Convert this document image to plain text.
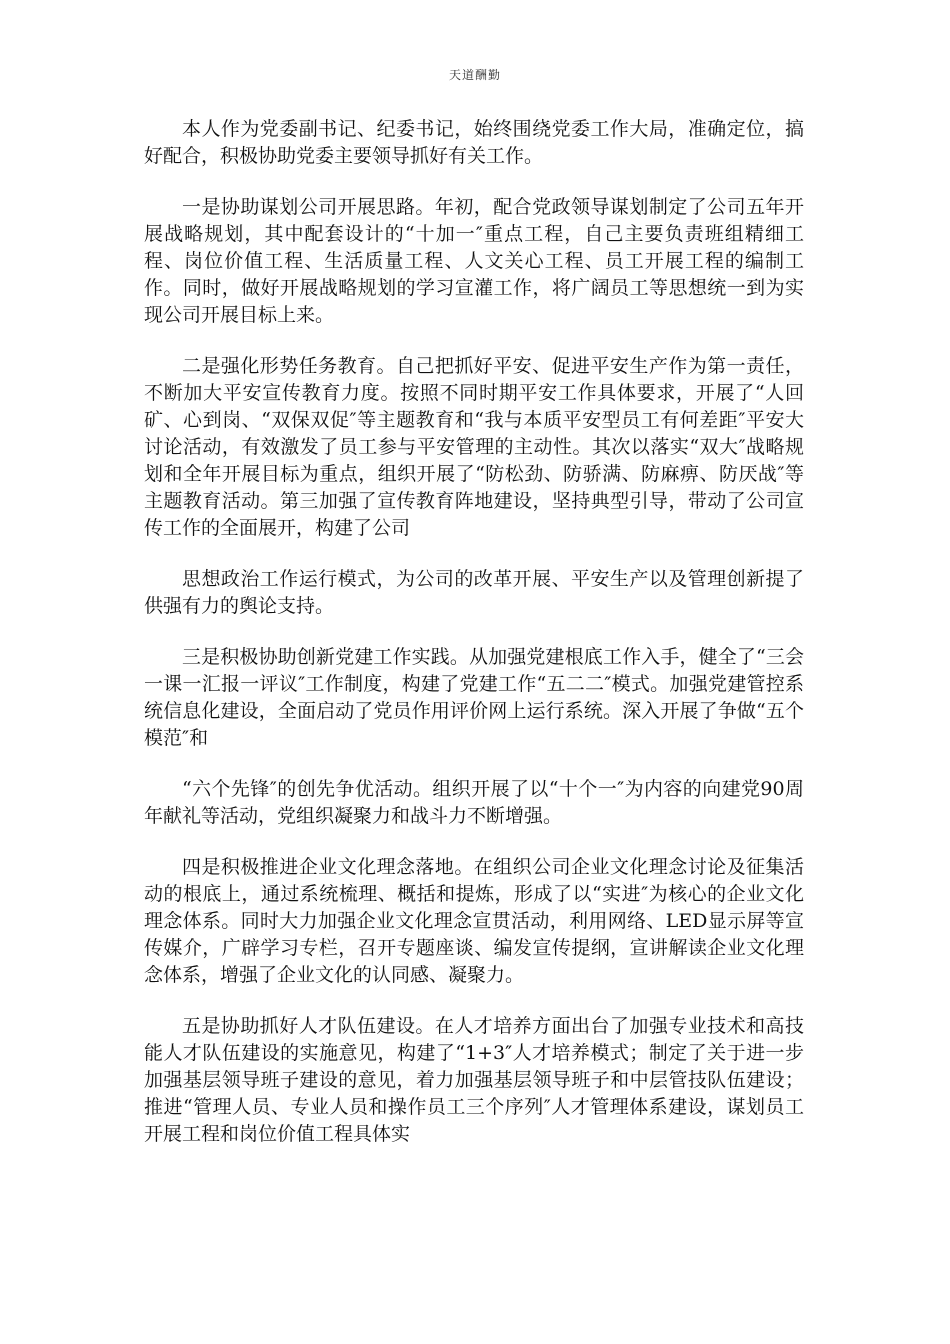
天道酬勤

本人作为党委副书记、纪委书记，始终围绕党委工作大局，准确定位，搞好配合，积极协助党委主要领导抓好有关工作。

一是协助谋划公司开展思路。年初，配合党政领导谋划制定了公司五年开展战略规划，其中配套设计的“十加一″重点工程，自己主要负责班组精细工程、岗位价值工程、生活质量工程、人文关心工程、员工开展工程的编制工作。同时，做好开展战略规划的学习宣灌工作，将广阔员工等思想统一到为实现公司开展目标上来。

二是强化形势任务教育。自己把抓好平安、促进平安生产作为第一责任，不断加大平安宣传教育力度。按照不同时期平安工作具体要求，开展了“人回矿、心到岗、“双保双促″等主题教育和“我与本质平安型员工有何差距″平安大讨论活动，有效激发了员工参与平安管理的主动性。其次以落实“双大″战略规划和全年开展目标为重点，组织开展了“防松劲、防骄满、防麻痹、防厌战″等主题教育活动。第三加强了宣传教育阵地建设，坚持典型引导，带动了公司宣传工作的全面展开，构建了公司

思想政治工作运行模式，为公司的改革开展、平安生产以及管理创新提了供强有力的舆论支持。

三是积极协助创新党建工作实践。从加强党建根底工作入手，健全了“三会一课一汇报一评议″工作制度，构建了党建工作“五二二″模式。加强党建管控系统信息化建设，全面启动了党员作用评价网上运行系统。深入开展了争做“五个模范″和

“六个先锋″的创先争优活动。组织开展了以“十个一″为内容的向建党90周年献礼等活动，党组织凝聚力和战斗力不断增强。

四是积极推进企业文化理念落地。在组织公司企业文化理念讨论及征集活动的根底上，通过系统梳理、概括和提炼，形成了以“实进″为核心的企业文化理念体系。同时大力加强企业文化理念宣贯活动，利用网络、LED显示屏等宣传媒介，广辟学习专栏，召开专题座谈、编发宣传提纲，宣讲解读企业文化理念体系，增强了企业文化的认同感、凝聚力。

五是协助抓好人才队伍建设。在人才培养方面出台了加强专业技术和高技能人才队伍建设的实施意见，构建了“1+3″人才培养模式；制定了关于进一步加强基层领导班子建设的意见，着力加强基层领导班子和中层管技队伍建设；推进“管理人员、专业人员和操作员工三个序列″人才管理体系建设，谋划员工开展工程和岗位价值工程具体实
